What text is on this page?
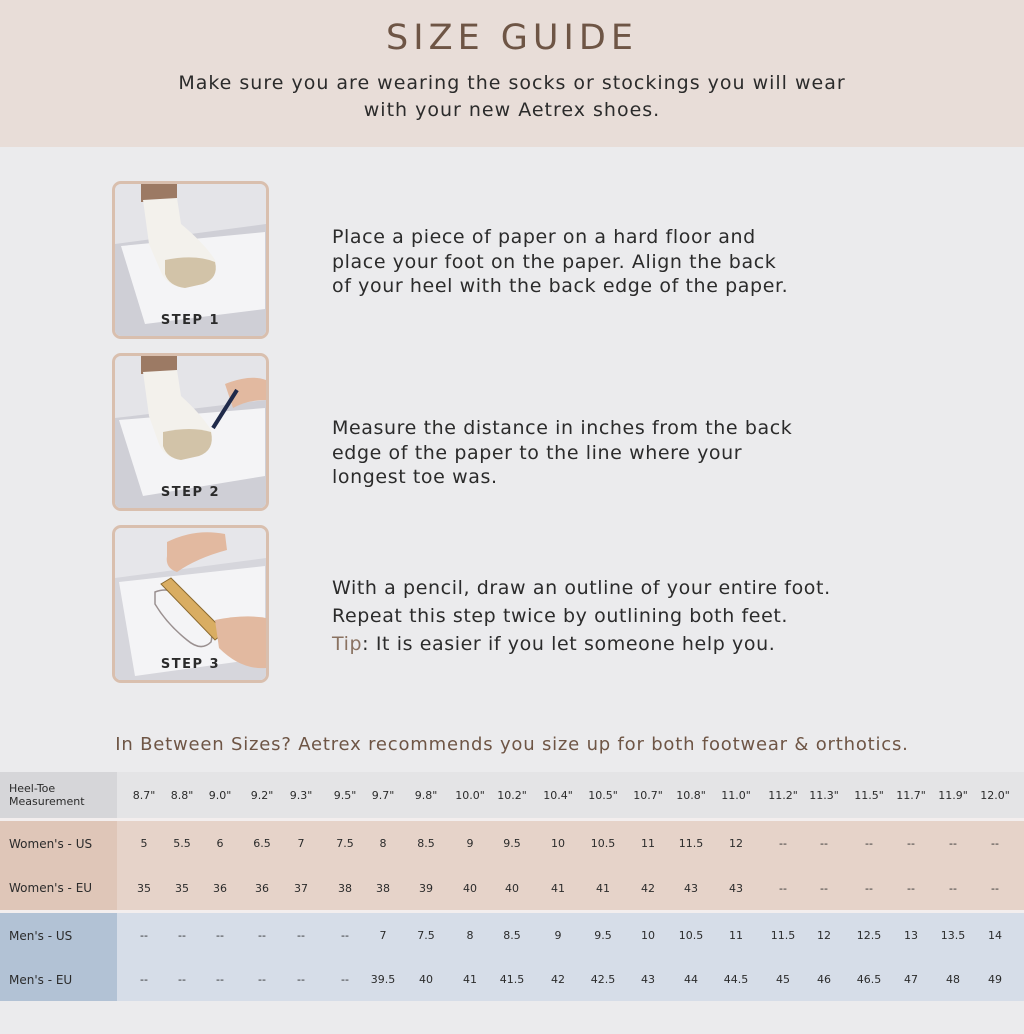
SIZE GUIDE
Make sure you are wearing the socks or stockings you will wear
with your new Aetrex shoes.
STEP 1
Place a piece of paper on a hard floor and
place your foot on the paper. Align the back
of your heel with the back edge of the paper.
STEP 2
Measure the distance in inches from the back
edge of the paper to the line where your
longest toe was.
STEP 3
With a pencil, draw an outline of your entire foot.
Repeat this step twice by outlining both feet.
Tip: It is easier if you let someone help you.
In Between Sizes? Aetrex recommends you size up for both footwear & orthotics.
Heel-Toe
Measurement	8.7"	8.8"	9.0"	9.2"	9.3"	9.5"	9.7"	9.8"	10.0"	10.2"	10.4"	10.5"	10.7"	10.8"	11.0"	11.2"	11.3"	11.5"	11.7"	11.9"	12.0"
Women's - US	5	5.5	6	6.5	7	7.5	8	8.5	9	9.5	10	10.5	11	11.5	12	--	--	--	--	--	--
Women's - EU	35	35	36	36	37	38	38	39	40	40	41	41	42	43	43	--	--	--	--	--	--
Men's - US	--	--	--	--	--	--	7	7.5	8	8.5	9	9.5	10	10.5	11	11.5	12	12.5	13	13.5	14
Men's - EU	--	--	--	--	--	--	39.5	40	41	41.5	42	42.5	43	44	44.5	45	46	46.5	47	48	49
